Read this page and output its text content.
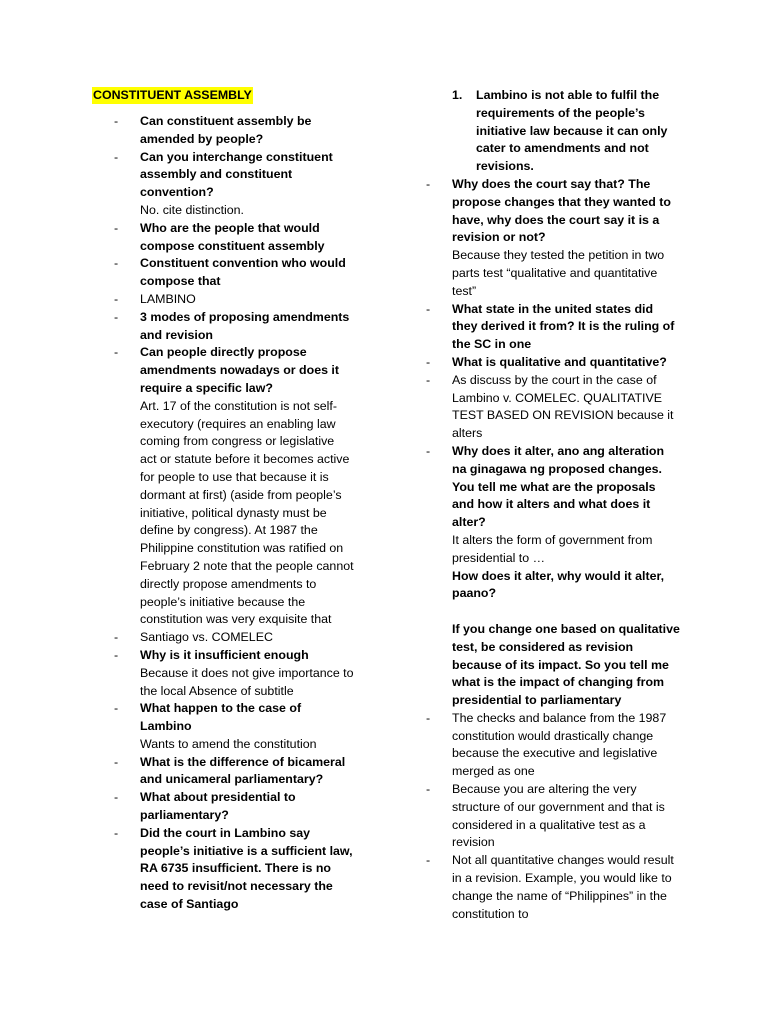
CONSTITUENT ASSEMBLY
- Can constituent assembly be amended by people?
- Can you interchange constituent assembly and constituent convention?
No. cite distinction.
- Who are the people that would compose constituent assembly
- Constituent convention who would compose that
- LAMBINO
- 3 modes of proposing amendments and revision
- Can people directly propose amendments nowadays or does it require a specific law?
Art. 17 of the constitution is not self-executory (requires an enabling law coming from congress or legislative act or statute before it becomes active for people to use that because it is dormant at first) (aside from people’s initiative, political dynasty must be define by congress). At 1987 the Philippine constitution was ratified on February 2 note that the people cannot directly propose amendments to people’s initiative because the constitution was very exquisite that
- Santiago vs. COMELEC
- Why is it insufficient enough
Because it does not give importance to the local Absence of subtitle
- What happen to the case of Lambino
Wants to amend the constitution
- What is the difference of bicameral and unicameral parliamentary?
- What about presidential to parliamentary?
- Did the court in Lambino say people’s initiative is a sufficient law, RA 6735 insufficient. There is no need to revisit/not necessary the case of Santiago
1. Lambino is not able to fulfil the requirements of the people’s initiative law because it can only cater to amendments and not revisions.
- Why does the court say that? The propose changes that they wanted to have, why does the court say it is a revision or not?
Because they tested the petition in two parts test “qualitative and quantitative test”
- What state in the united states did they derived it from? It is the ruling of the SC in one
- What is qualitative and quantitative?
- As discuss by the court in the case of Lambino v. COMELEC. QUALITATIVE TEST BASED ON REVISION because it alters
- Why does it alter, ano ang alteration na ginagawa ng proposed changes. You tell me what are the proposals and how it alters and what does it alter?
It alters the form of government from presidential to …
How does it alter, why would it alter, paano?
If you change one based on qualitative test, be considered as revision because of its impact. So you tell me what is the impact of changing from presidential to parliamentary
- The checks and balance from the 1987 constitution would drastically change because the executive and legislative merged as one
- Because you are altering the very structure of our government and that is considered in a qualitative test as a revision
- Not all quantitative changes would result in a revision. Example, you would like to change the name of “Philippines” in the constitution to
